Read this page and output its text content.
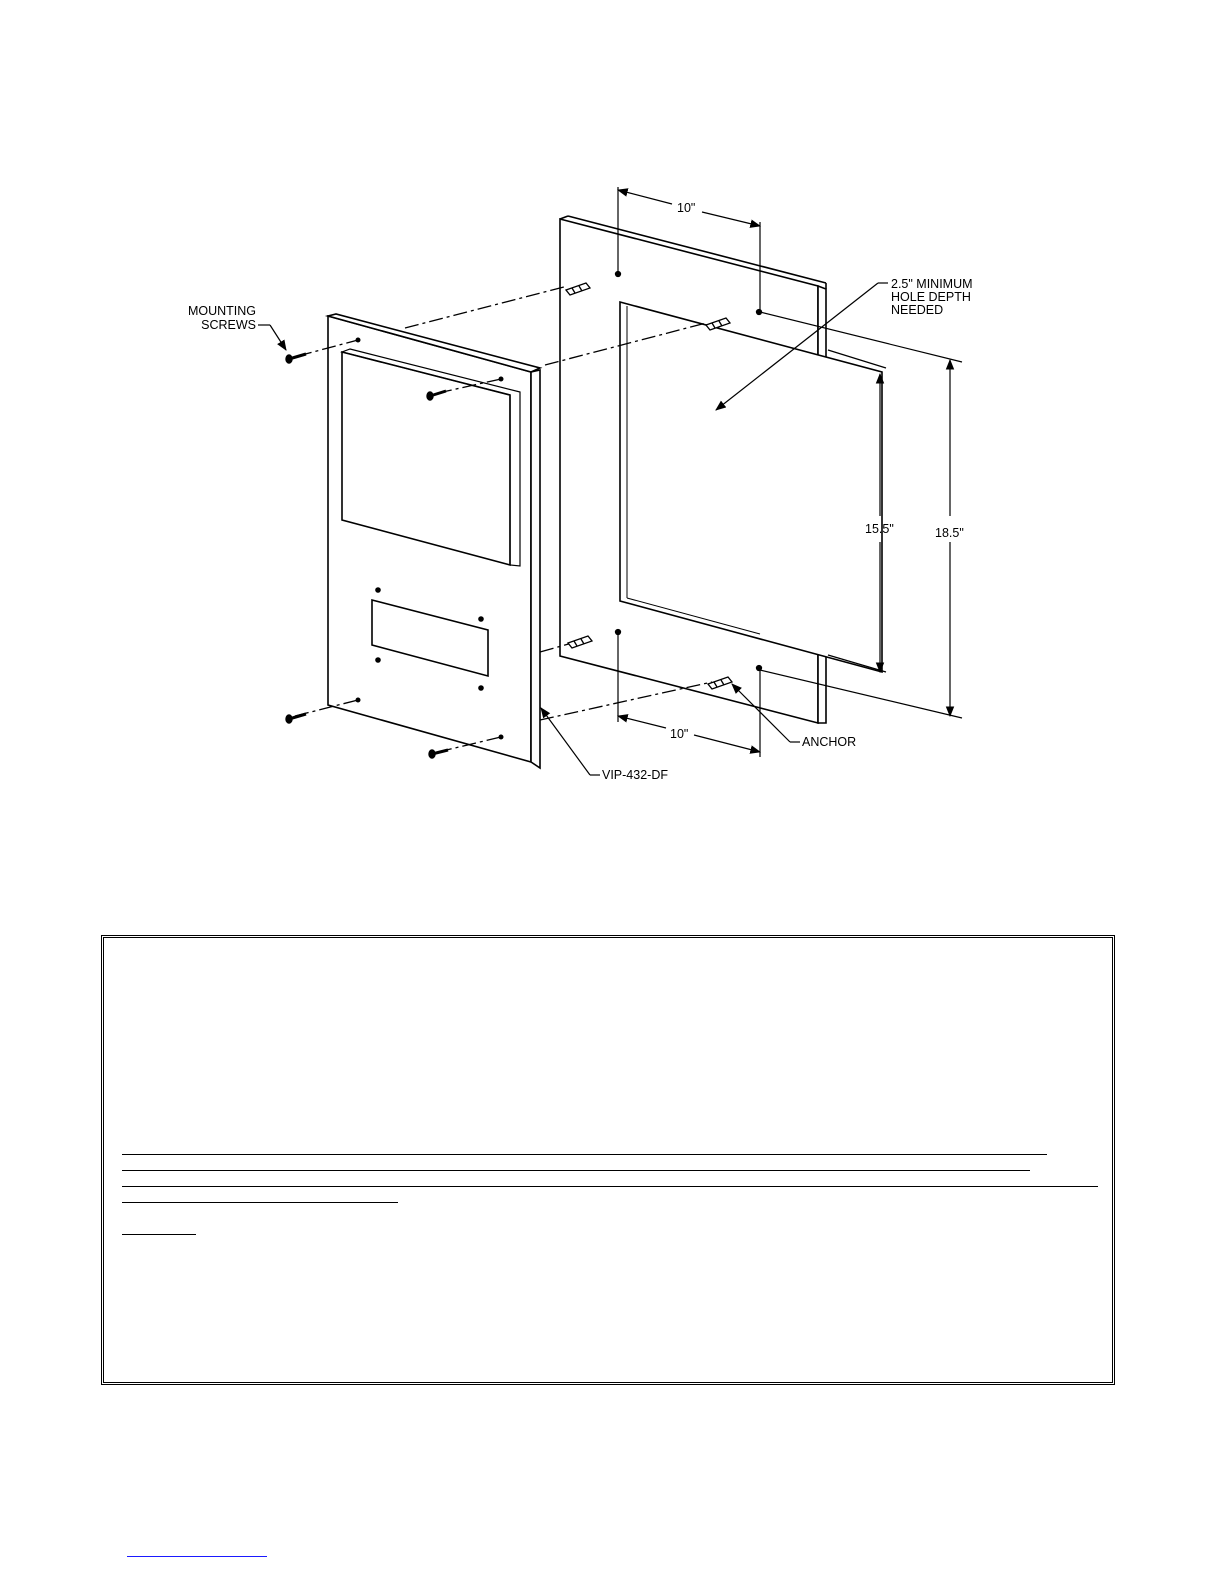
MOUNTING
SCREWS
2.5" MINIMUM
HOLE DEPTH
NEEDED
10"
10"
15.5"	18.5"
ANCHOR
VIP-432-DF
